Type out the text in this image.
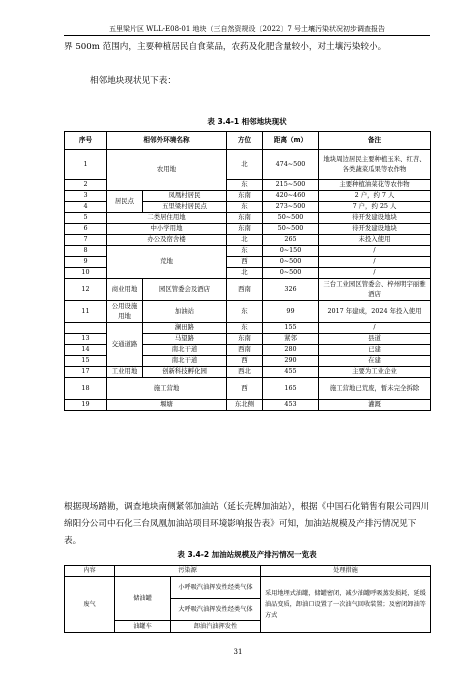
五里梁片区 WLL-E08-01 地块（三自然资规设〔2022〕7 号土壤污染状况初步调查报告
界 500m 范围内，主要种植居民自食菜品，农药及化肥含量较小，对土壤污染较小。
相邻地块现状见下表：
表 3.4-1 相邻地块现状
序号	相邻外环境名称		方位	距离（m）	备注
1	农用地		北	474~500	地块周边居民主要种植玉米、红苕、各类蔬菜瓜果等农作物
2			东	215~500	主要种植油菜花等农作物
3	居民点	凤凰村居民	东南	420~460	2 户，约 7 人
4		五里梁村居民点	东	273~500	7 户，约 25 人
5	二类居住用地		东南	50~500	待开发建设地块
6	中小学用地		东南	50~500	待开发建设地块
7	办公及宿舍楼		北	265	未投入使用
8	荒地		东	0~150	/
9			西	0~500	/
10			北	0~500	/
12	商业用地	园区管委会及酒店	西南	326	三台工业园区管委会、梓州明宇丽雅酒店
11	公用设施用地	加油站	东	99	2017 年建成，2024 年投入使用
	交通道路	澜田路	东	155	/
13		马望路	东南	紧邻	县道
14		南北干道	西南	280	已建
15		南北干道	西	290	在建
17	工业用地	创新科技孵化园	西北	455	主要为工业企业
18	施工营地		西	165	施工营地已荒废，暂未完全拆除
19	堰塘		东北侧	453	灌溉
根据现场踏勘，调查地块南侧紧邻加油站（延长壳牌加油站），根据《中国石化销售有限公司四川绵阳分公司中石化三台凤凰加油站项目环境影响报告表》可知，加油站规模及产排污情况见下表。
表 3.4-2 加油站规模及产排污情况一览表
内容	污染源		处理措施
废气	储油罐	小呼吸汽油挥发性经类气体	采用地埋式油罐，储罐密闭，减少油罐呼吸蒸发损耗，延缓油品变质，卸油口设置了一次油气回收装置；及密闭卸油等方式
		大呼吸汽油挥发性经类气体	
	油罐车	卸油汽油挥发性	
31
